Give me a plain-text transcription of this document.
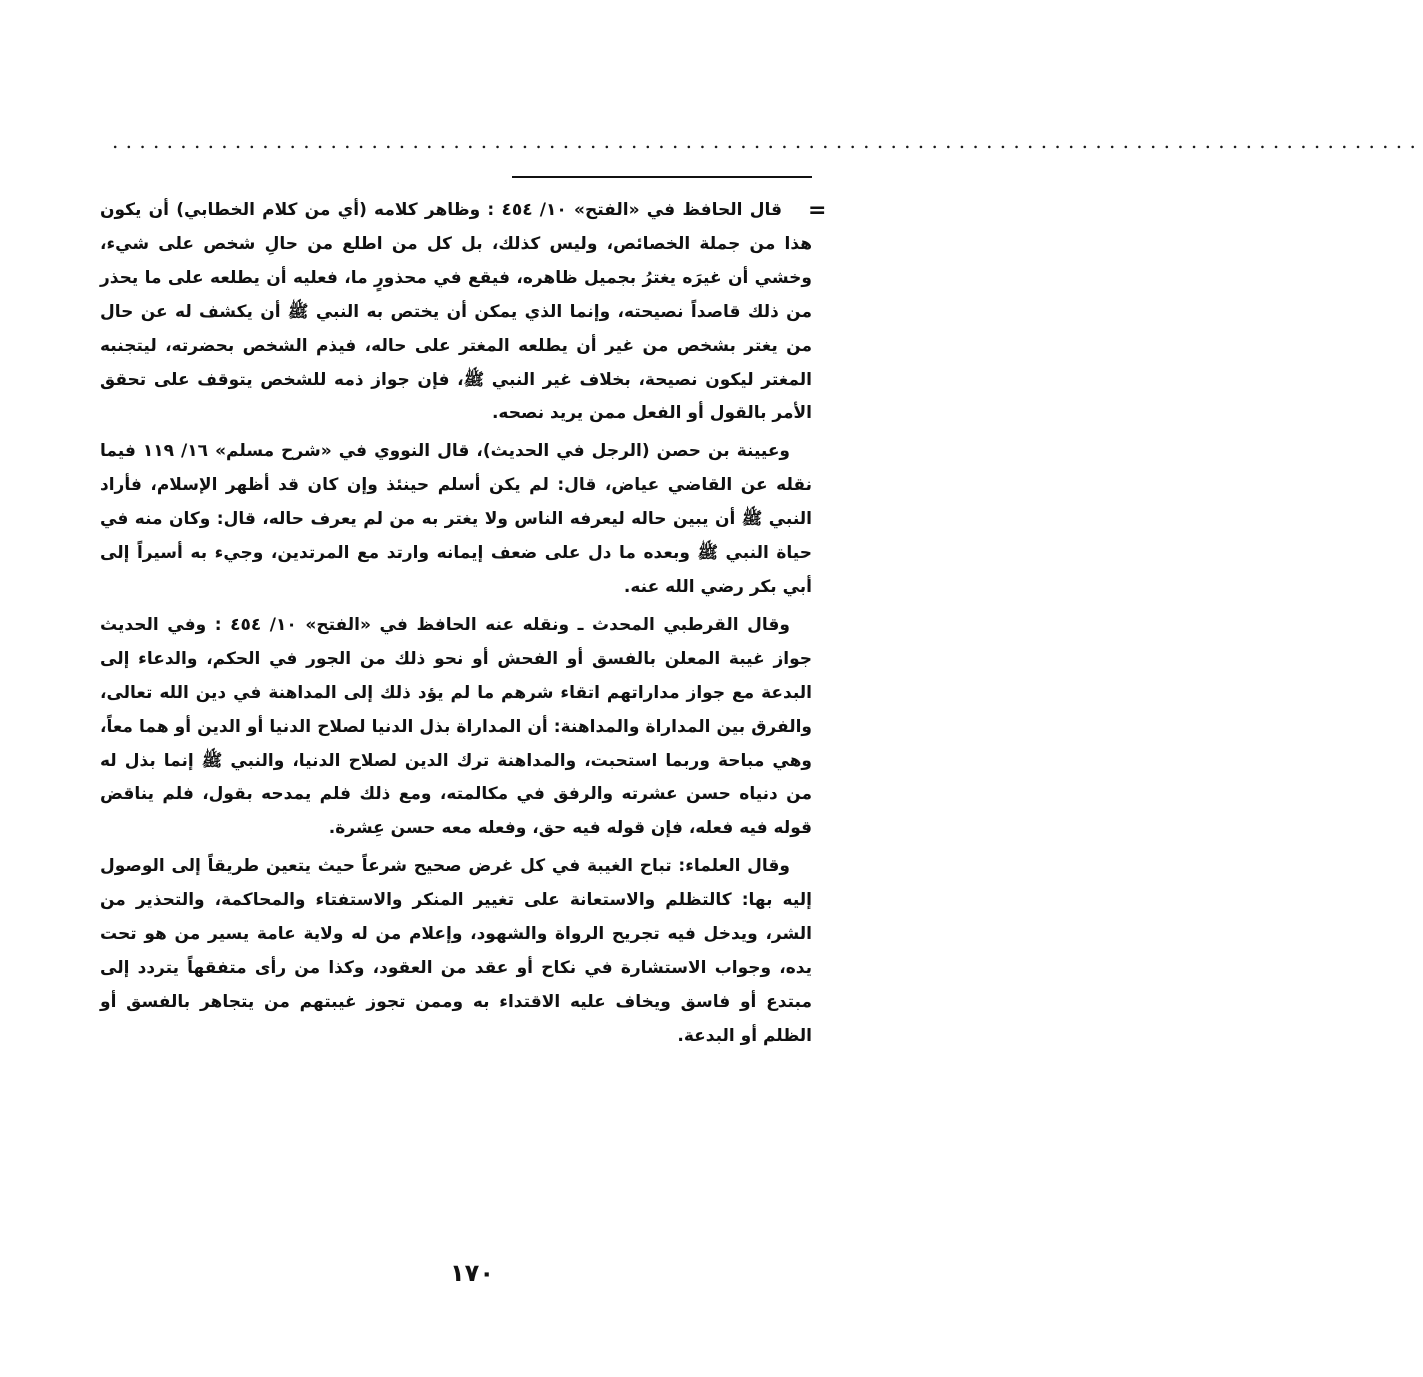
................................................................................................
=

قال الحافظ في «الفتح» ١٠/ ٤٥٤ : وظاهر كلامه (أي من كلام الخطابي) أن يكون هذا من جملة الخصائص، وليس كذلك، بل كل من اطلع من حالِ شخص على شيء، وخشي أن غيرَه يغترُ بجميل ظاهره، فيقع في محذورٍ ما، فعليه أن يطلعه على ما يحذر من ذلك قاصداً نصيحته، وإنما الذي يمكن أن يختص به النبي ﷺ أن يكشف له عن حال من يغتر بشخص من غير أن يطلعه المغتر على حاله، فيذم الشخص بحضرته، ليتجنبه المغتر ليكون نصيحة، بخلاف غير النبي ﷺ، فإن جواز ذمه للشخص يتوقف على تحقق الأمر بالقول أو الفعل ممن يريد نصحه.

وعيينة بن حصن (الرجل في الحديث)، قال النووي في «شرح مسلم» ١٦/ ١١٩ فيما نقله عن القاضي عياض، قال: لم يكن أسلم حينئذ وإن كان قد أظهر الإسلام، فأراد النبي ﷺ أن يبين حاله ليعرفه الناس ولا يغتر به من لم يعرف حاله، قال: وكان منه في حياة النبي ﷺ وبعده ما دل على ضعف إيمانه وارتد مع المرتدين، وجيء به أسيراً إلى أبي بكر رضي الله عنه.

وقال القرطبي المحدث ـ ونقله عنه الحافظ في «الفتح» ١٠/ ٤٥٤ : وفي الحديث جواز غيبة المعلن بالفسق أو الفحش أو نحو ذلك من الجور في الحكم، والدعاء إلى البدعة مع جواز مداراتهم اتقاء شرهم ما لم يؤد ذلك إلى المداهنة في دين الله تعالى، والفرق بين المداراة والمداهنة: أن المداراة بذل الدنيا لصلاح الدنيا أو الدين أو هما معاً، وهي مباحة وربما استحبت، والمداهنة ترك الدين لصلاح الدنيا، والنبي ﷺ إنما بذل له من دنياه حسن عشرته والرفق في مكالمته، ومع ذلك فلم يمدحه بقول، فلم يناقض قوله فيه فعله، فإن قوله فيه حق، وفعله معه حسن عِشرة.

وقال العلماء: تباح الغيبة في كل غرض صحيح شرعاً حيث يتعين طريقاً إلى الوصول إليه بها: كالتظلم والاستعانة على تغيير المنكر والاستفتاء والمحاكمة، والتحذير من الشر، ويدخل فيه تجريح الرواة والشهود، وإعلام من له ولاية عامة يسير من هو تحت يده، وجواب الاستشارة في نكاح أو عقد من العقود، وكذا من رأى متفقهاً يتردد إلى مبتدع أو فاسق ويخاف عليه الاقتداء به وممن تجوز غيبتهم من يتجاهر بالفسق أو الظلم أو البدعة.

١٧٠
